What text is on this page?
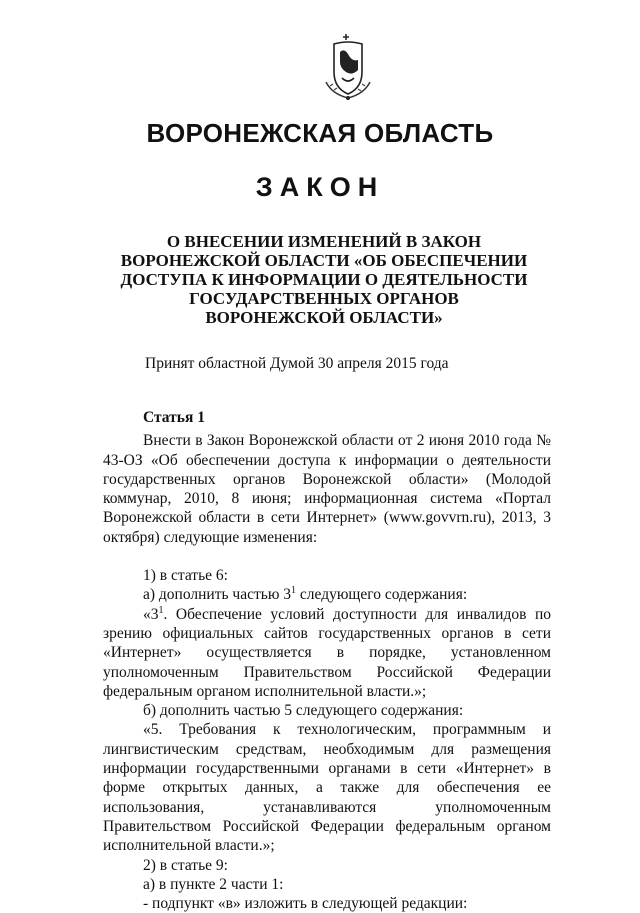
ВОРОНЕЖСКАЯ ОБЛАСТЬ
ЗАКОН
О ВНЕСЕНИИ ИЗМЕНЕНИЙ В ЗАКОН
ВОРОНЕЖСКОЙ ОБЛАСТИ «ОБ ОБЕСПЕЧЕНИИ
ДОСТУПА К ИНФОРМАЦИИ О ДЕЯТЕЛЬНОСТИ
ГОСУДАРСТВЕННЫХ ОРГАНОВ
ВОРОНЕЖСКОЙ ОБЛАСТИ»
Принят областной Думой 30 апреля 2015 года
Статья 1

Внести в Закон Воронежской области от 2 июня 2010 года № 43-ОЗ «Об обеспечении доступа к информации о деятельности государственных органов Воронежской области» (Молодой коммунар, 2010, 8 июня; информационная система «Портал Воронежской области в сети Интернет» (www.govvrn.ru), 2013, 3 октября) следующие изменения:

1) в статье 6:

а) дополнить частью $3^1$ следующего содержания:

«$3^1$. Обеспечение условий доступности для инвалидов по зрению официальных сайтов государственных органов в сети «Интернет» осуществляется в порядке, установленном уполномоченным Правительством Российской Федерации федеральным органом исполнительной власти.»;

б) дополнить частью 5 следующего содержания:

«5. Требования к технологическим, программным и лингвистическим средствам, необходимым для размещения информации государственными органами в сети «Интернет» в форме открытых данных, а также для обеспечения ее использования, устанавливаются уполномоченным Правительством Российской Федерации федеральным органом исполнительной власти.»;

2) в статье 9:

а) в пункте 2 части 1:

- подпункт «в» изложить в следующей редакции:
